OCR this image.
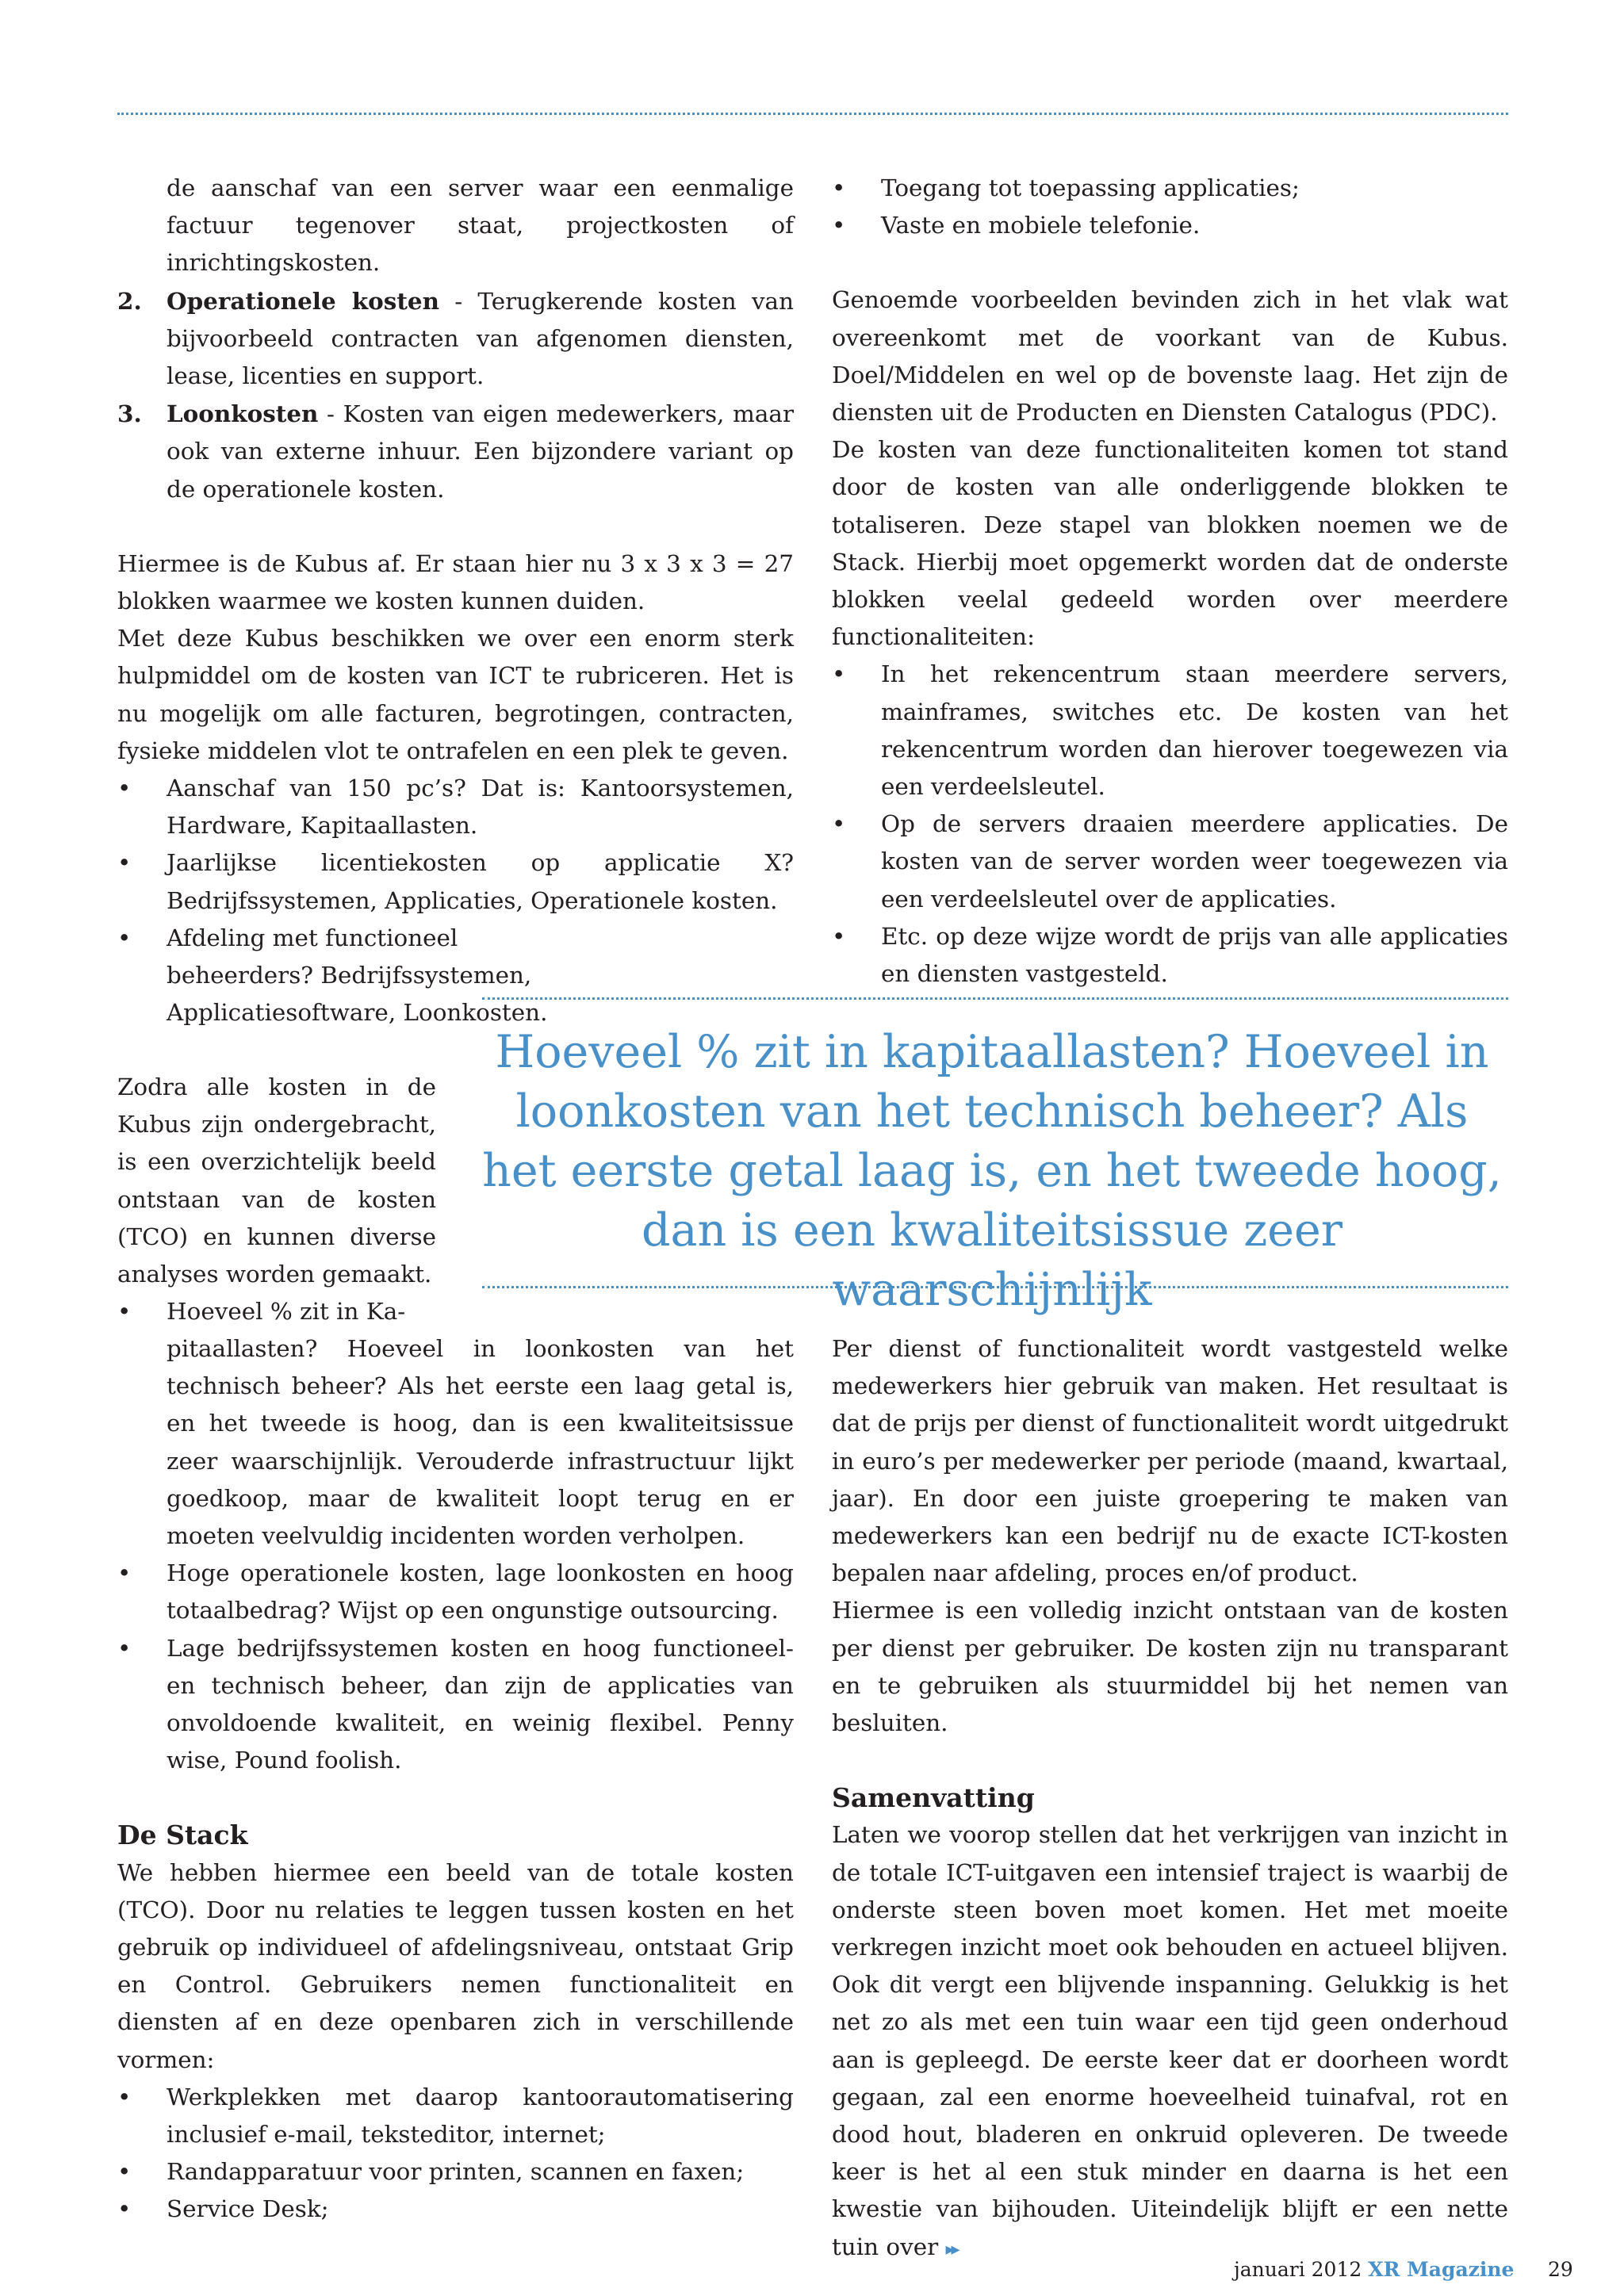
de aanschaf van een server waar een eenmalige factuur tegenover staat, projectkosten of inrichtingskosten.

2. Operationele kosten - Terugkerende kosten van bijvoorbeeld contracten van afgenomen diensten, lease, licenties en support.
3. Loonkosten - Kosten van eigen medewerkers, maar ook van externe inhuur. Een bijzondere variant op de operationele kosten.

Hiermee is de Kubus af. Er staan hier nu 3 x 3 x 3 = 27 blokken waarmee we kosten kunnen duiden.

Met deze Kubus beschikken we over een enorm sterk hulpmiddel om de kosten van ICT te rubriceren. Het is nu mogelijk om alle facturen, begrotingen, contracten, fysieke middelen vlot te ontrafelen en een plek te geven.

• Aanschaf van 150 pc’s? Dat is: Kantoorsystemen, Hardware, Kapitaallasten.
• Jaarlijkse licentiekosten op applicatie X? Bedrijfssystemen, Applicaties, Operationele kosten.
• Afdeling met functioneel beheerders? Bedrijfssystemen, Applicatiesoftware, Loonkosten.

Zodra alle kosten in de Kubus zijn ondergebracht, is een overzichtelijk beeld ontstaan van de kosten (TCO) en kunnen diverse analyses worden gemaakt.

• Hoeveel % zit in Ka-

pitaallasten? Hoeveel in loonkosten van het technisch beheer? Als het eerste een laag getal is, en het tweede is hoog, dan is een kwaliteitsissue zeer waarschijnlijk. Verouderde infrastructuur lijkt goedkoop, maar de kwaliteit loopt terug en er moeten veelvuldig incidenten worden verholpen.

• Hoge operationele kosten, lage loonkosten en hoog totaalbedrag? Wijst op een ongunstige outsourcing.
• Lage bedrijfssystemen kosten en hoog functioneel- en technisch beheer, dan zijn de applicaties van onvoldoende kwaliteit, en weinig flexibel. Penny wise, Pound foolish.
De Stack

We hebben hiermee een beeld van de totale kosten (TCO). Door nu relaties te leggen tussen kosten en het gebruik op individueel of afdelingsniveau, ontstaat Grip en Control. Gebruikers nemen functionaliteit en diensten af en deze openbaren zich in verschillende vormen:

• Werkplekken met daarop kantoorautomatisering inclusief e-mail, teksteditor, internet;
• Randapparatuur voor printen, scannen en faxen;
• Service Desk;
• Toegang tot toepassing applicaties;
• Vaste en mobiele telefonie.

Genoemde voorbeelden bevinden zich in het vlak wat overeenkomt met de voorkant van de Kubus. Doel/Middelen en wel op de bovenste laag. Het zijn de diensten uit de Producten en Diensten Catalogus (PDC).

De kosten van deze functionaliteiten komen tot stand door de kosten van alle onderliggende blokken te totaliseren. Deze stapel van blokken noemen we de Stack. Hierbij moet opgemerkt worden dat de onderste blokken veelal gedeeld worden over meerdere functionaliteiten:

• In het rekencentrum staan meerdere servers, mainframes, switches etc. De kosten van het rekencentrum worden dan hierover toegewezen via een verdeelsleutel.
• Op de servers draaien meerdere applicaties. De kosten van de server worden weer toegewezen via een verdeelsleutel over de applicaties.
• Etc. op deze wijze wordt de prijs van alle applicaties en diensten vastgesteld.
Hoeveel % zit in kapitaallasten? Hoeveel in loonkosten van het technisch beheer? Als het eerste getal laag is, en het tweede hoog, dan is een kwaliteitsissue zeer waarschijnlijk

Per dienst of functionaliteit wordt vastgesteld welke medewerkers hier gebruik van maken. Het resultaat is dat de prijs per dienst of functionaliteit wordt uitgedrukt in euro’s per medewerker per periode (maand, kwartaal, jaar). En door een juiste groepering te maken van medewerkers kan een bedrijf nu de exacte ICT-kosten bepalen naar afdeling, proces en/of product.

Hiermee is een volledig inzicht ontstaan van de kosten per dienst per gebruiker. De kosten zijn nu transparant en te gebruiken als stuurmiddel bij het nemen van besluiten.

Samenvatting

Laten we voorop stellen dat het verkrijgen van inzicht in de totale ICT-uitgaven een intensief traject is waarbij de onderste steen boven moet komen. Het met moeite verkregen inzicht moet ook behouden en actueel blijven. Ook dit vergt een blijvende inspanning. Gelukkig is het net zo als met een tuin waar een tijd geen onderhoud aan is gepleegd. De eerste keer dat er doorheen wordt gegaan, zal een enorme hoeveelheid tuinafval, rot en dood hout, bladeren en onkruid opleveren. De tweede keer is het al een stuk minder en daarna is het een kwestie van bijhouden. Uiteindelijk blijft er een nette tuin over ▸▸

januari 2012 XR Magazine 29
